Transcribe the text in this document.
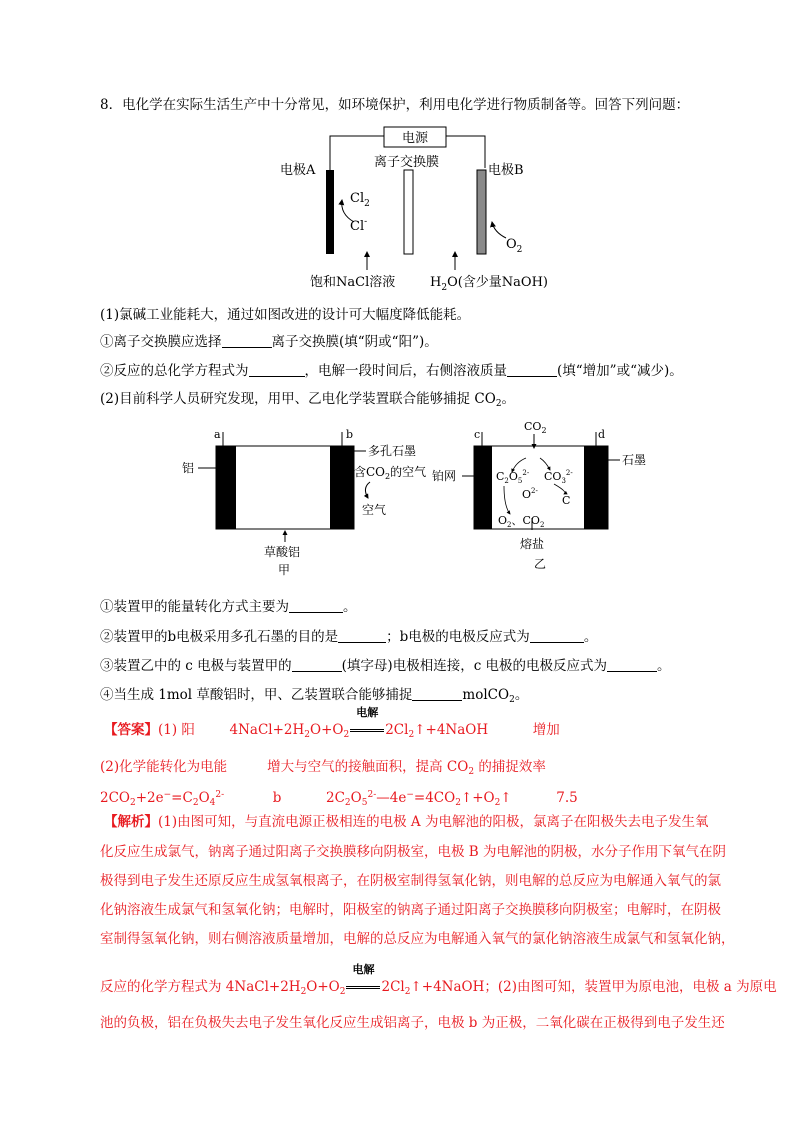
8．电化学在实际生活生产中十分常见，如环境保护，利用电化学进行物质制备等。回答下列问题：
电源
电极A
离子交换膜
电极B
$Cl_2$
Cl-
$O_2$
饱和NaCl溶液	$H_2O$(含少量NaOH)
(1)氯碱工业能耗大，通过如图改进的设计可大幅度降低能耗。
①离子交换膜应选择	离子交换膜(填“阴或“阳”)。
②反应的总化学方程式为	，电解一段时间后，右侧溶液质量	(填“增加”或“减少)。
(2)目前科学人员研究发现，用甲、乙电化学装置联合能够捕捉 $CO_2$。
a	b
铝
多孔石墨
含$CO_2$的空气
空气
草酸铝
甲
c	d
$CO_2$
石墨
铂网	$C_2O_5^{2-}$ $CO_3^{2-}$
$O^{2-}$
C
$O_2$、$CO_2$
熔盐
乙
①装置甲的能量转化方式主要为	。
②装置甲的b电极采用多孔石墨的目的是	；b电极的电极反应式为	。
③装置乙中的 c 电极与装置甲的	(填字母)电极相连接，c 电极的电极反应式为	。
④当生成 1mol 草酸铝时，甲、乙装置联合能够捕捉	molCO$_2$。
【答案】(1) 阳	$4NaCl+2H_2O+O_2$
电解
$2Cl_2↑+4NaOH$	增加
(2)化学能转化为电能	增大与空气的接触面积，提高 $CO_2$ 的捕捉效率
$2CO_2+2e^-=C_2O_4^{2-}$	b	$2C_2O_5^{2-}—4e^-=4CO_2↑+O_2↑$	7.5
【解析】(1)由图可知，与直流电源正极相连的电极 A 为电解池的阳极，氯离子在阳极失去电子发生氧
化反应生成氯气，钠离子通过阳离子交换膜移向阴极室，电极 B 为电解池的阴极，水分子作用下氧气在阴
极得到电子发生还原反应生成氢氧根离子，在阴极室制得氢氧化钠，则电解的总反应为电解通入氧气的氯
化钠溶液生成氯气和氢氧化钠；电解时，阳极室的钠离子通过阳离子交换膜移向阴极室；电解时，在阴极
室制得氢氧化钠，则右侧溶液质量增加，电解的总反应为电解通入氧气的氯化钠溶液生成氯气和氢氧化钠，
反应的化学方程式为 $4NaCl+2H_2O+O_2$
电解
$2Cl_2↑+4NaOH$；(2)由图可知，装置甲为原电池，电极 a 为原电
池的负极，铝在负极失去电子发生氧化反应生成铝离子，电极 b 为正极，二氧化碳在正极得到电子发生还
